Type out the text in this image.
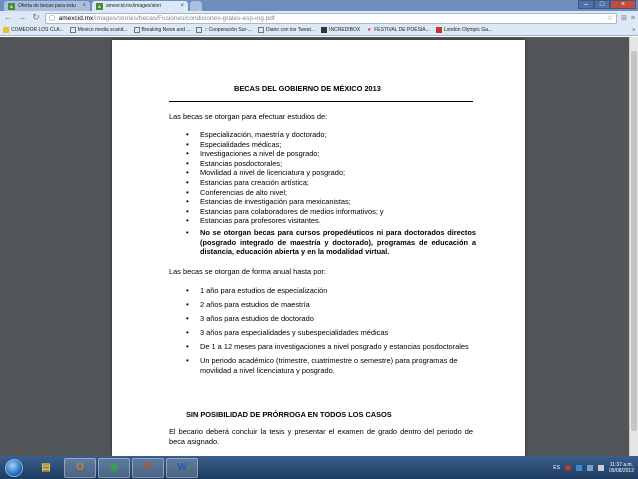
A	Oferta de becas para estu ×	A	amexcid.mx/images/stori	×	–	□	×
← → ↻ ▢ amexcid.mx/images/stories/becas/Fusiones/condiciones-grales-esp-ing.pdf	☆ ⊞ ≡
COMEDOR LOS CLA...	Mexico media scand...	Breaking News and ...	:: Cooperación Sur-...	Diario con los Tweet...	INCREDIBOX ★ FESTIVAL DE POESÍA...	London Olympic Ga...	»
BECAS DEL GOBIERNO DE MÉXICO 2013
Las becas se otorgan para efectuar estudios de:
• Especialización, maestría y doctorado;
• Especialidades médicas;
• Investigaciones a nivel de posgrado;
• Estancias posdoctorales;
• Movilidad a nivel de licenciatura y posgrado;
• Estancias para creación artística;
• Conferencias de alto nivel;
• Estancias de investigación para mexicanistas;
• Estancias para colaboradores de medios informativos; y
• Estancias para profesores visitantes.
• No se otorgan becas para cursos propedéuticos ni para doctorados directos (posgrado integrado de maestría y doctorado), programas de educación a distancia, educación abierta y en la modalidad virtual.
Las becas se otorgan de forma anual hasta por:
• 1 año para estudios de especialización
• 2 años para estudios de maestría
• 3 años para estudios de doctorado
• 3 años para especialidades y subespecialidades médicas
• De 1 a 12 meses para investigaciones a nivel posgrado y estancias posdoctorales
• Un periodo académico (trimestre, cuatrimestre o semestre) para programas de movilidad a nivel licenciatura y posgrado.
SIN POSIBILIDAD DE PRÓRROGA EN TODOS LOS CASOS
El becario deberá concluir la tesis y presentar el examen de grado dentro del periodo de beca asignado.
▤	O	◉	P	W	ES	11:37 a.m.
09/08/2012
